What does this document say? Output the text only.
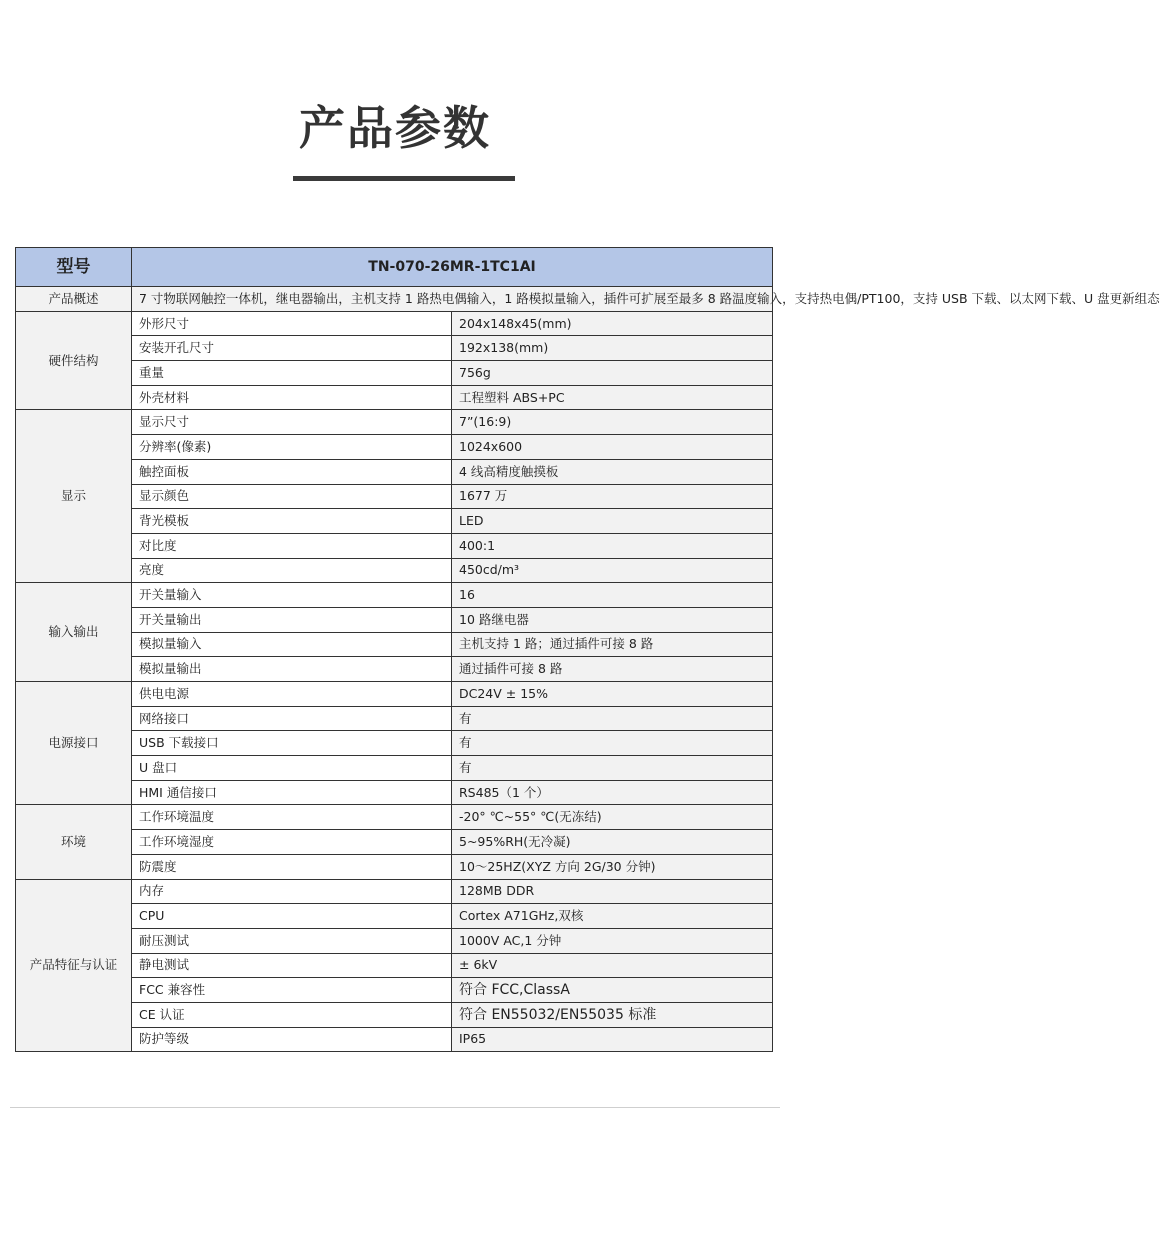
产品参数
型号	TN-070-26MR-1TC1AI	
产品概述	7 寸物联网触控一体机，继电器输出，主机支持 1 路热电偶输入，1 路模拟量输入，插件可扩展至最多 8 路温度输入，支持热电偶/PT100，支持 USB 下载、以太网下载、U 盘更新组态	
硬件结构	外形尺寸	204x148x45(mm)
	安装开孔尺寸	192x138(mm)
	重量	756g
	外壳材料	工程塑料 ABS+PC
显示	显示尺寸	7”(16:9)
	分辨率(像素)	1024x600
	触控面板	4 线高精度触摸板
	显示颜色	1677 万
	背光模板	LED
	对比度	400:1
	亮度	450cd/m³
输入输出	开关量输入	16
	开关量输出	10 路继电器
	模拟量输入	主机支持 1 路；通过插件可接 8 路
	模拟量输出	通过插件可接 8 路
电源接口	供电电源	DC24V ± 15%
	网络接口	有
	USB 下载接口	有
	U 盘口	有
	HMI 通信接口	RS485（1 个）
环境	工作环境温度	-20° ℃~55° ℃(无冻结)
	工作环境湿度	5~95%RH(无冷凝)
	防震度	10～25HZ(XYZ 方向 2G/30 分钟)
产品特征与认证	内存	128MB DDR
	CPU	Cortex A71GHz,双核
	耐压测试	1000V AC,1 分钟
	静电测试	± 6kV
	FCC 兼容性	符合 FCC,ClassA
	CE 认证	符合 EN55032/EN55035 标准
	防护等级	IP65
